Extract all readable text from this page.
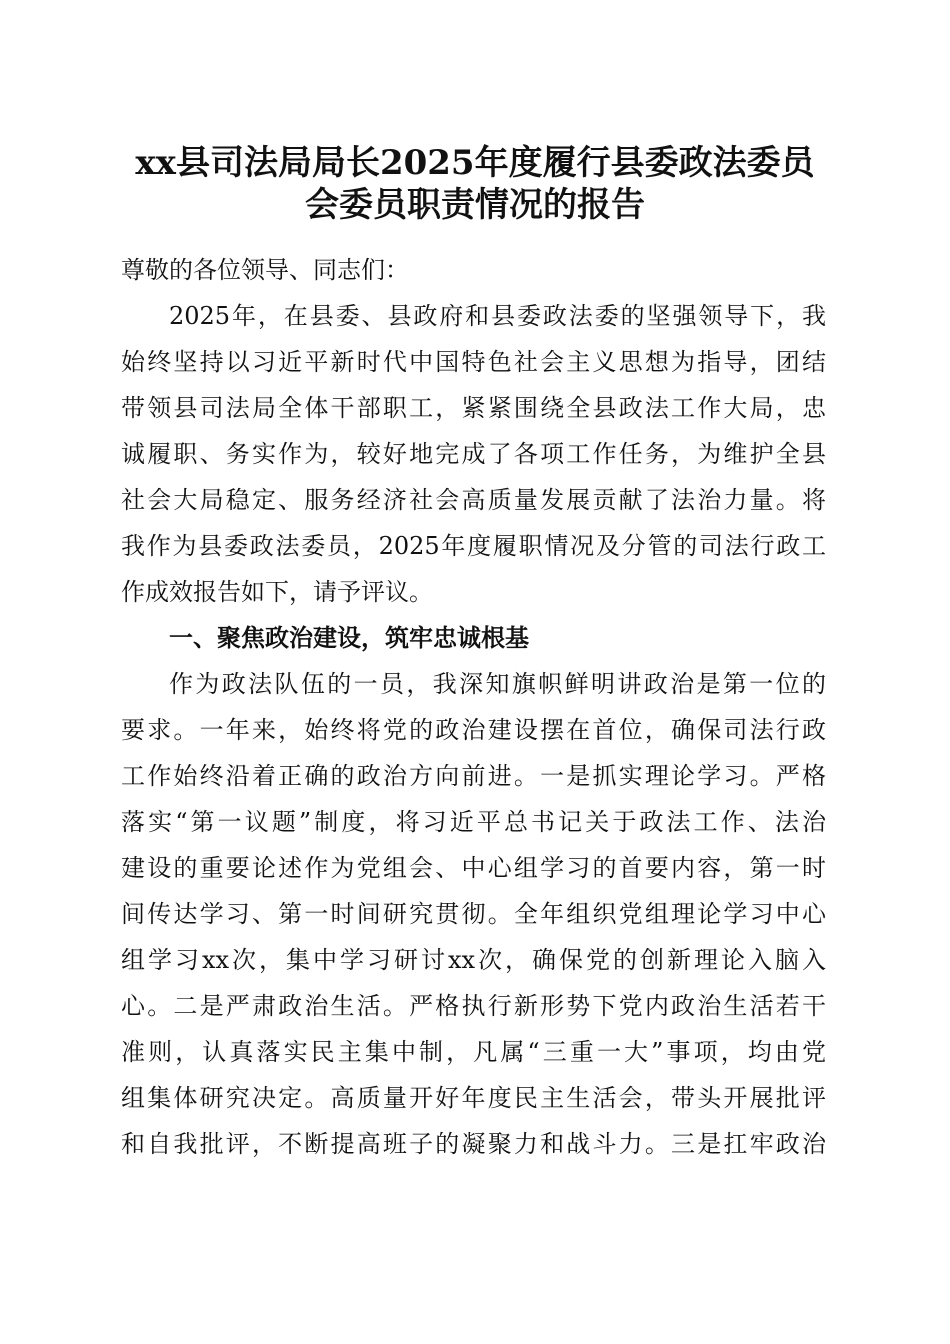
xx县司法局局长2025年度履行县委政法委员
会委员职责情况的报告
尊敬的各位领导、同志们：
2025年，在县委、县政府和县委政法委的坚强领导下，我
始终坚持以习近平新时代中国特色社会主义思想为指导，团结
带领县司法局全体干部职工，紧紧围绕全县政法工作大局，忠
诚履职、务实作为，较好地完成了各项工作任务，为维护全县
社会大局稳定、服务经济社会高质量发展贡献了法治力量。将
我作为县委政法委员，2025年度履职情况及分管的司法行政工
作成效报告如下，请予评议。
一、聚焦政治建设，筑牢忠诚根基
作为政法队伍的一员，我深知旗帜鲜明讲政治是第一位的
要求。一年来，始终将党的政治建设摆在首位，确保司法行政
工作始终沿着正确的政治方向前进。一是抓实理论学习。严格
落实“第一议题”制度，将习近平总书记关于政法工作、法治
建设的重要论述作为党组会、中心组学习的首要内容，第一时
间传达学习、第一时间研究贯彻。全年组织党组理论学习中心
组学习xx次，集中学习研讨xx次，确保党的创新理论入脑入
心。二是严肃政治生活。严格执行新形势下党内政治生活若干
准则，认真落实民主集中制，凡属“三重一大”事项，均由党
组集体研究决定。高质量开好年度民主生活会，带头开展批评
和自我批评，不断提高班子的凝聚力和战斗力。三是扛牢政治
